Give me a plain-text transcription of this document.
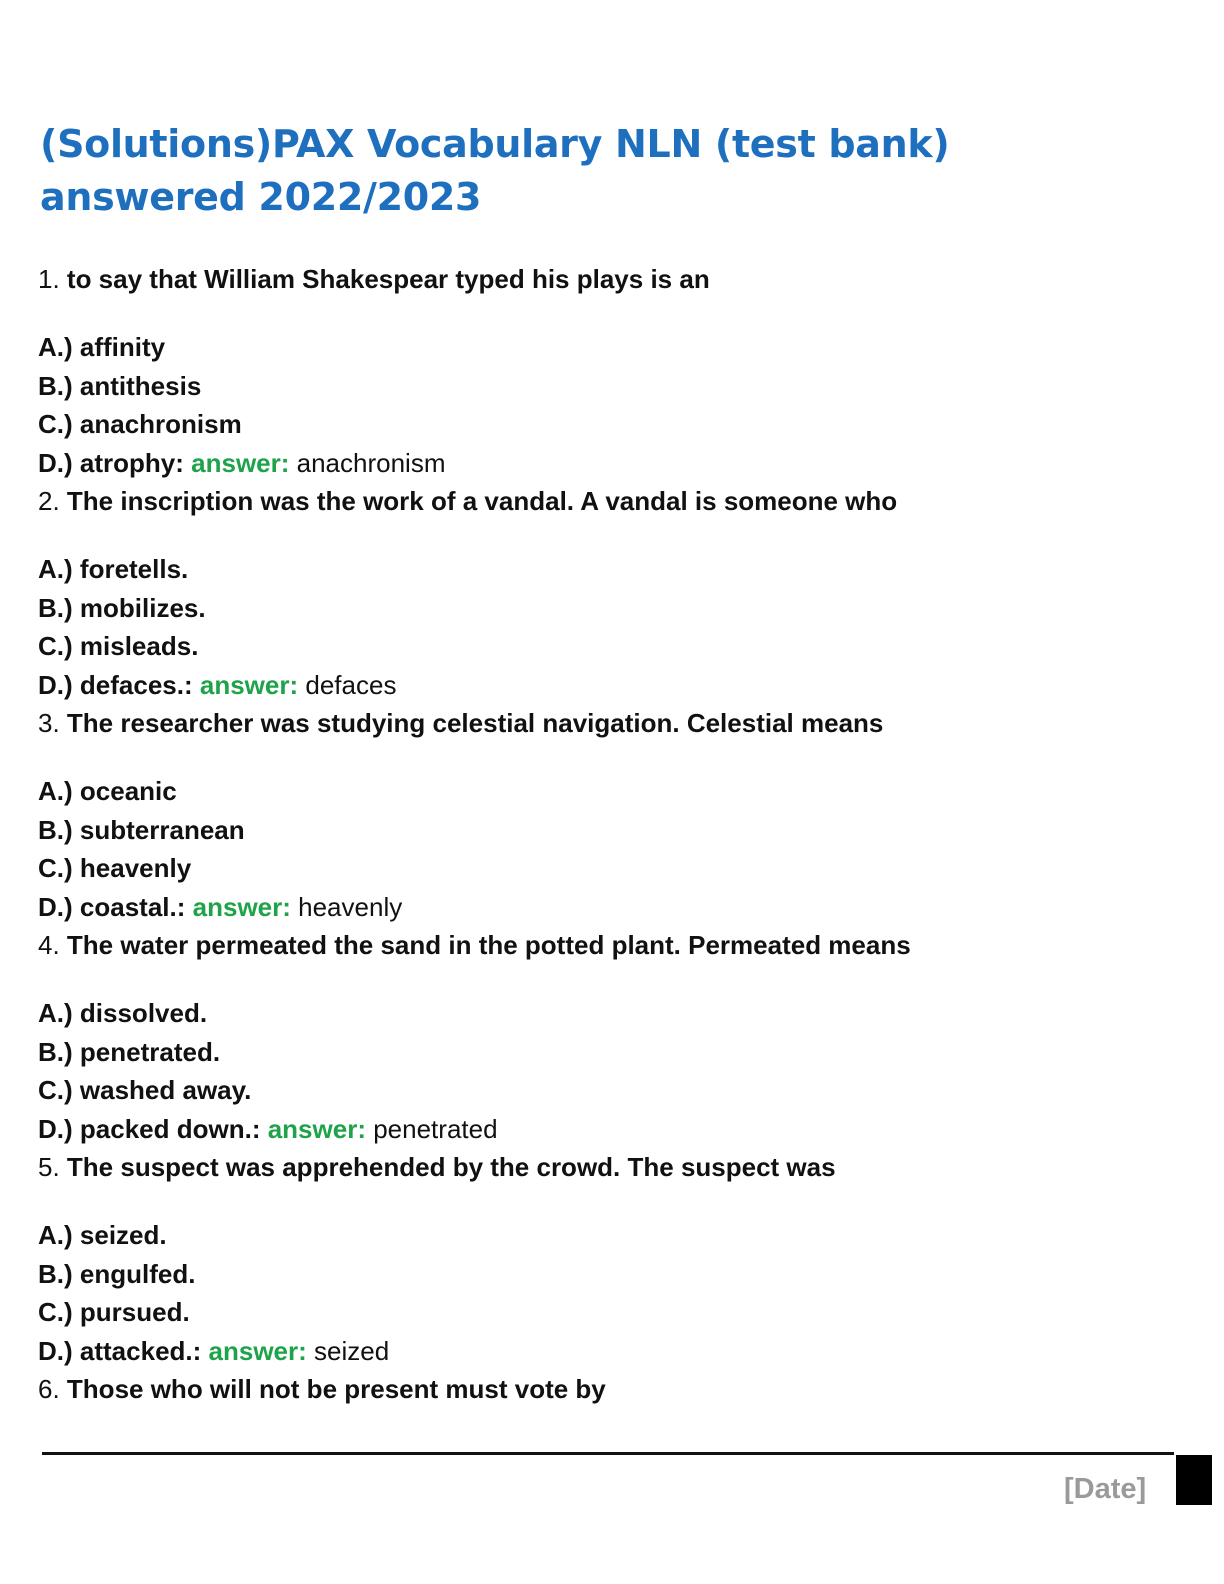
(Solutions)PAX Vocabulary NLN (test bank) answered 2022/2023
1. to say that William Shakespear typed his plays is an
A.) affinity
B.) antithesis
C.) anachronism
D.) atrophy: answer: anachronism
2. The inscription was the work of a vandal. A vandal is someone who
A.) foretells.
B.) mobilizes.
C.) misleads.
D.) defaces.: answer: defaces
3. The researcher was studying celestial navigation. Celestial means
A.) oceanic
B.) subterranean
C.) heavenly
D.) coastal.: answer: heavenly
4. The water permeated the sand in the potted plant. Permeated means
A.) dissolved.
B.) penetrated.
C.) washed away.
D.) packed down.: answer: penetrated
5. The suspect was apprehended by the crowd. The suspect was
A.) seized.
B.) engulfed.
C.) pursued.
D.) attacked.: answer: seized
6. Those who will not be present must vote by
[Date]
